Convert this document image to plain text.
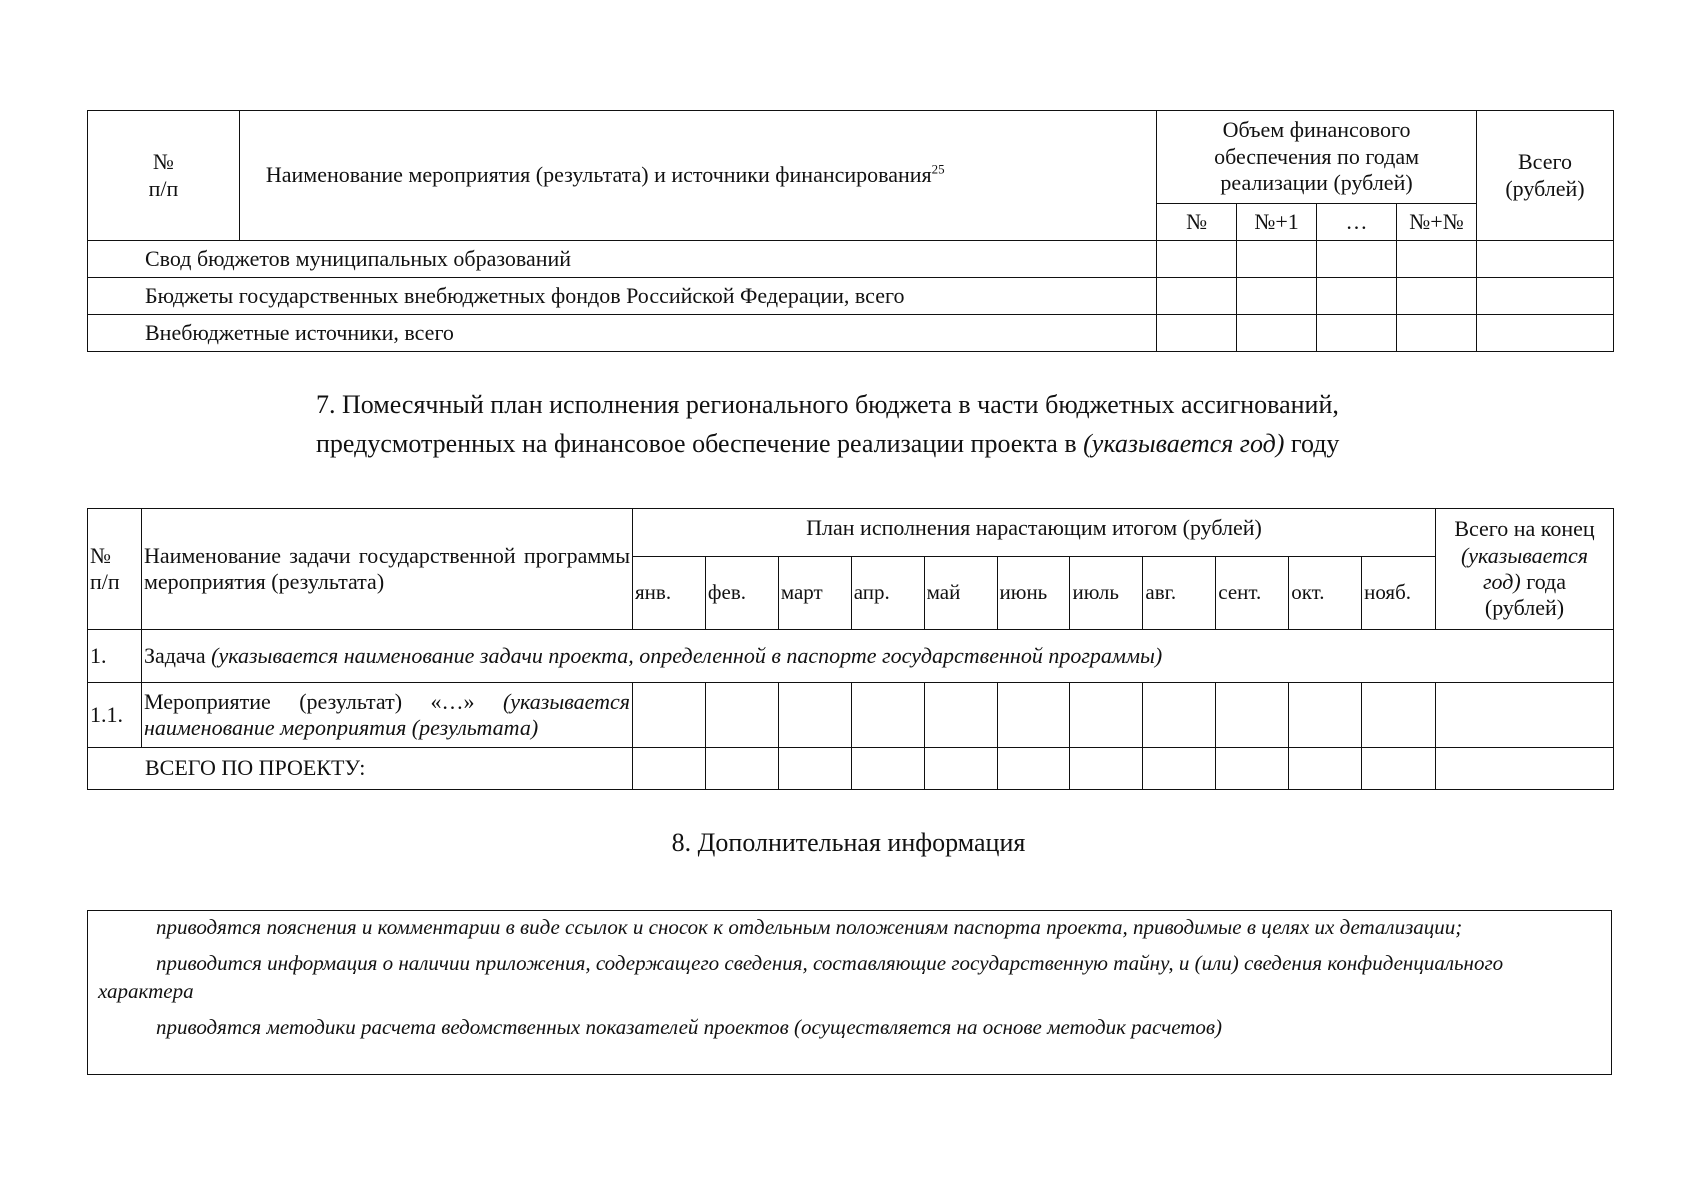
№
п/п	Наименование мероприятия (результата) и источники финансирования$^{25}$	Объем финансового обеспечения по годам реализации (рублей)				Всего (рублей)
		№	№+1	…	№+№	
Свод бюджетов муниципальных образований						
Бюджеты государственных внебюджетных фондов Российской Федерации, всего						
Внебюджетные источники, всего						
7. Помесячный план исполнения регионального бюджета в части бюджетных ассигнований,
предусмотренных на финансовое обеспечение реализации проекта в (указывается год) году
№
п/п	Наименование задачи государственной программы мероприятия (результата)	План исполнения нарастающим итогом (рублей)											Всего на конец (указывается год) года (рублей)
		янв.	фев.	март	апр.	май	июнь	июль	авг.	сент.	окт.	нояб.	
1.	Задача (указывается наименование задачи проекта, определенной в паспорте государственной программы)												
1.1.	Мероприятие (результат) «…» (указывается наименование мероприятия (результата)												
ВСЕГО ПО ПРОЕКТУ:													
8. Дополнительная информация

приводятся пояснения и комментарии в виде ссылок и сносок к отдельным положениям паспорта проекта, приводимые в целях их детализации;

приводится информация о наличии приложения, содержащего сведения, составляющие государственную тайну, и (или) сведения конфиденциального характера

приводятся методики расчета ведомственных показателей проектов (осуществляется на основе методик расчетов)
